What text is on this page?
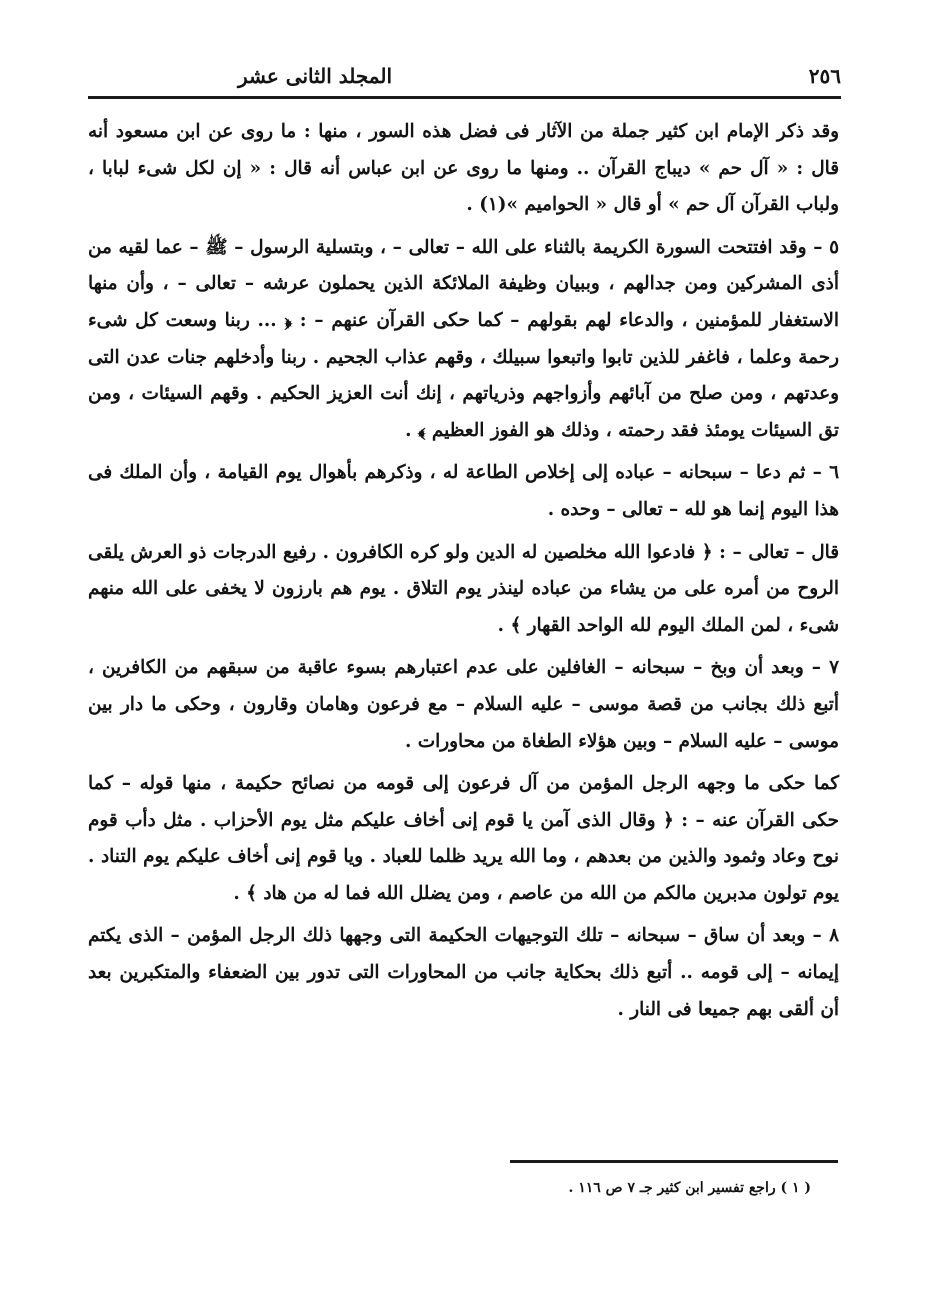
٢٥٦
المجلد الثانى عشر

وقد ذكر الإمام ابن كثير جملة من الآثار فى فضل هذه السور ، منها : ما روى عن ابن مسعود أنه قال : « آل حم » ديباج القرآن .. ومنها ما روى عن ابن عباس أنه قال : « إن لكل شىء لبابا ، ولباب القرآن آل حم » أو قال « الحواميم »(١) .

٥ – وقد افتتحت السورة الكريمة بالثناء على الله – تعالى – ، وبتسلية الرسول – ﷺ – عما لقيه من أذى المشركين ومن جدالهم ، وببيان وظيفة الملائكة الذين يحملون عرشه – تعالى – ، وأن منها الاستغفار للمؤمنين ، والدعاء لهم بقولهم – كما حكى القرآن عنهم – : ﴿ ... ربنا وسعت كل شىء رحمة وعلما ، فاغفر للذين تابوا واتبعوا سبيلك ، وقهم عذاب الجحيم . ربنا وأدخلهم جنات عدن التى وعدتهم ، ومن صلح من آبائهم وأزواجهم وذرياتهم ، إنك أنت العزيز الحكيم . وقهم السيئات ، ومن تق السيئات يومئذ فقد رحمته ، وذلك هو الفوز العظيم ﴾ .

٦ – ثم دعا – سبحانه – عباده إلى إخلاص الطاعة له ، وذكرهم بأهوال يوم القيامة ، وأن الملك فى هذا اليوم إنما هو لله – تعالى – وحده .

قال – تعالى – : ﴿ فادعوا الله مخلصين له الدين ولو كره الكافرون . رفيع الدرجات ذو العرش يلقى الروح من أمره على من يشاء من عباده لينذر يوم التلاق . يوم هم بارزون لا يخفى على الله منهم شىء ، لمن الملك اليوم لله الواحد القهار ﴾ .

٧ – وبعد أن وبخ – سبحانه – الغافلين على عدم اعتبارهم بسوء عاقبة من سبقهم من الكافرين ، أتبع ذلك بجانب من قصة موسى – عليه السلام – مع فرعون وهامان وقارون ، وحكى ما دار بين موسى – عليه السلام – وبين هؤلاء الطغاة من محاورات .

كما حكى ما وجهه الرجل المؤمن من آل فرعون إلى قومه من نصائح حكيمة ، منها قوله – كما حكى القرآن عنه – : ﴿ وقال الذى آمن يا قوم إنى أخاف عليكم مثل يوم الأحزاب . مثل دأب قوم نوح وعاد وثمود والذين من بعدهم ، وما الله يريد ظلما للعباد . ويا قوم إنى أخاف عليكم يوم التناد . يوم تولون مدبرين مالكم من الله من عاصم ، ومن يضلل الله فما له من هاد ﴾ .

٨ – وبعد أن ساق – سبحانه – تلك التوجيهات الحكيمة التى وجهها ذلك الرجل المؤمن – الذى يكتم إيمانه – إلى قومه .. أتبع ذلك بحكاية جانب من المحاورات التى تدور بين الضعفاء والمتكبرين بعد أن ألقى بهم جميعا فى النار .

( ١ ) راجع تفسير ابن كثير جـ ٧ ص ١١٦ .
